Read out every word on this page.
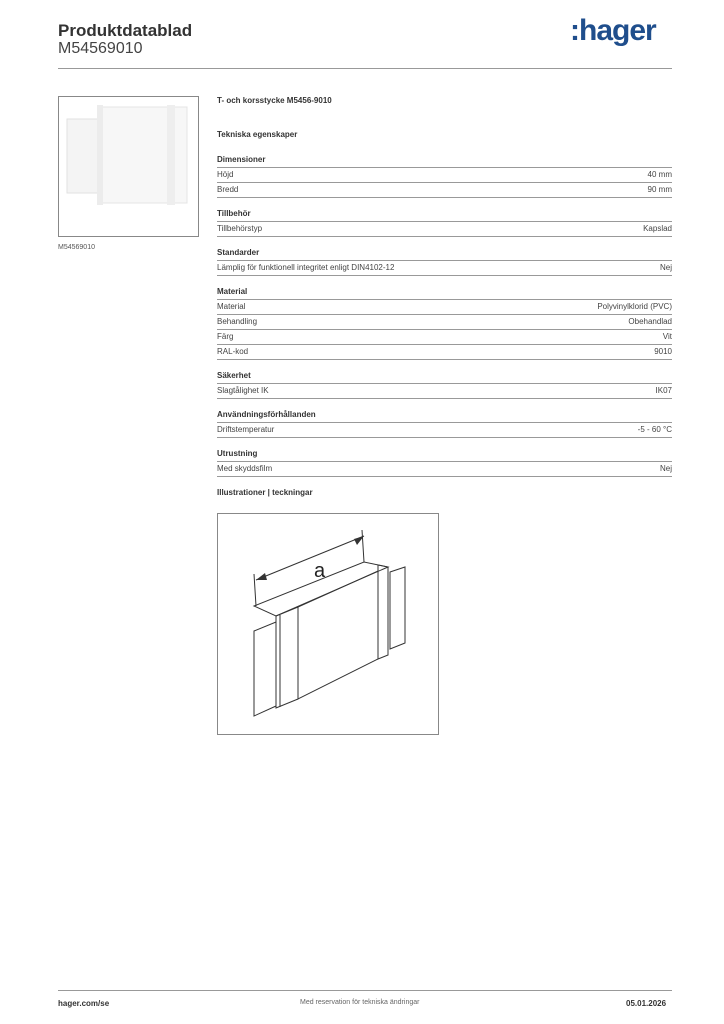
Produktdatablad
M54569010
:hager
M54569010
T- och korsstycke M5456-9010
Tekniska egenskaper
Dimensioner
Höjd	40 mm
Bredd	90 mm
Tillbehör
Tillbehörstyp	Kapslad
Standarder
Lämplig för funktionell integritet enligt DIN4102-12	Nej
Material
Material	Polyvinylklorid (PVC)
Behandling	Obehandlad
Färg	Vit
RAL-kod	9010
Säkerhet
Slagtålighet IK	IK07
Användningsförhållanden
Driftstemperatur	-5 - 60 °C
Utrustning
Med skyddsfilm	Nej
Illustrationer | teckningar
a
hager.com/se	Med reservation för tekniska ändringar	05.01.2026
